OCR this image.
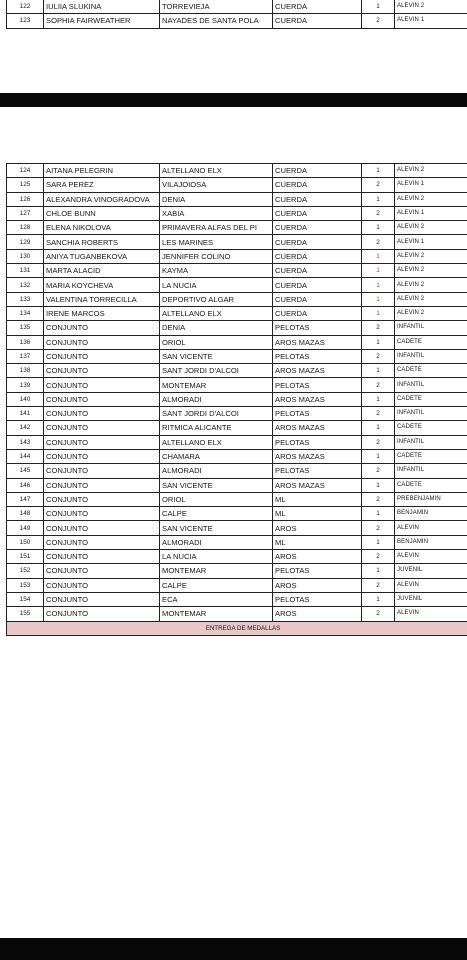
122	IULIIA SLUKINA	TORREVIEJA	CUERDA	1	ALEVIN 2
123	SOPHIA FAIRWEATHER	NAYADES DE SANTA POLA	CUERDA	2	ALEVIN 1
124	AITANA PELEGRIN	ALTELLANO ELX	CUERDA	1	ALEVIN 2
125	SARA PEREZ	VILAJOIOSA	CUERDA	2	ALEVIN 1
126	ALEXANDRA VINOGRADOVA	DENIA	CUERDA	1	ALEVIN 2
127	CHLOE BUNN	XABIA	CUERDA	2	ALEVIN 1
128	ELENA NIKOLOVA	PRIMAVERA ALFAS DEL PI	CUERDA	1	ALEVIN 2
129	SANCHIA ROBERTS	LES MARINES	CUERDA	2	ALEVIN 1
130	ANIYA TUGANBEKOVA	JENNIFER COLINO	CUERDA	1	ALEVIN 2
131	MARTA ALACID	KAYMA	CUERDA	1	ALEVIN 2
132	MARIA KOYCHEVA	LA NUCIA	CUERDA	1	ALEVIN 2
133	VALENTINA TORRECILLA	DEPORTIVO ALGAR	CUERDA	1	ALEVIN 2
134	IRENE MARCOS	ALTELLANO ELX	CUERDA	1	ALEVIN 2
135	CONJUNTO	DENIA	PELOTAS	2	INFANTIL
136	CONJUNTO	ORIOL	AROS MAZAS	1	CADETE
137	CONJUNTO	SAN VICENTE	PELOTAS	2	INFANTIL
138	CONJUNTO	SANT JORDI D'ALCOI	AROS MAZAS	1	CADETE
139	CONJUNTO	MONTEMAR	PELOTAS	2	INFANTIL
140	CONJUNTO	ALMORADI	AROS MAZAS	1	CADETE
141	CONJUNTO	SANT JORDI D'ALCOI	PELOTAS	2	INFANTIL
142	CONJUNTO	RITMICA ALICANTE	AROS MAZAS	1	CADETE
143	CONJUNTO	ALTELLANO ELX	PELOTAS	2	INFANTIL
144	CONJUNTO	CHAMARA	AROS MAZAS	1	CADETE
145	CONJUNTO	ALMORADI	PELOTAS	2	INFANTIL
146	CONJUNTO	SAN VICENTE	AROS MAZAS	1	CADETE
147	CONJUNTO	ORIOL	ML	2	PREBENJAMIN
148	CONJUNTO	CALPE	ML	1	BENJAMIN
149	CONJUNTO	SAN VICENTE	AROS	2	ALEVIN
150	CONJUNTO	ALMORADI	ML	1	BENJAMIN
151	CONJUNTO	LA NUCIA	AROS	2	ALEVIN
152	CONJUNTO	MONTEMAR	PELOTAS	1	JUVENIL
153	CONJUNTO	CALPE	AROS	2	ALEVIN
154	CONJUNTO	ECA	PELOTAS	1	JUVENIL
155	CONJUNTO	MONTEMAR	AROS	2	ALEVIN
ENTREGA DE MEDALLAS					
